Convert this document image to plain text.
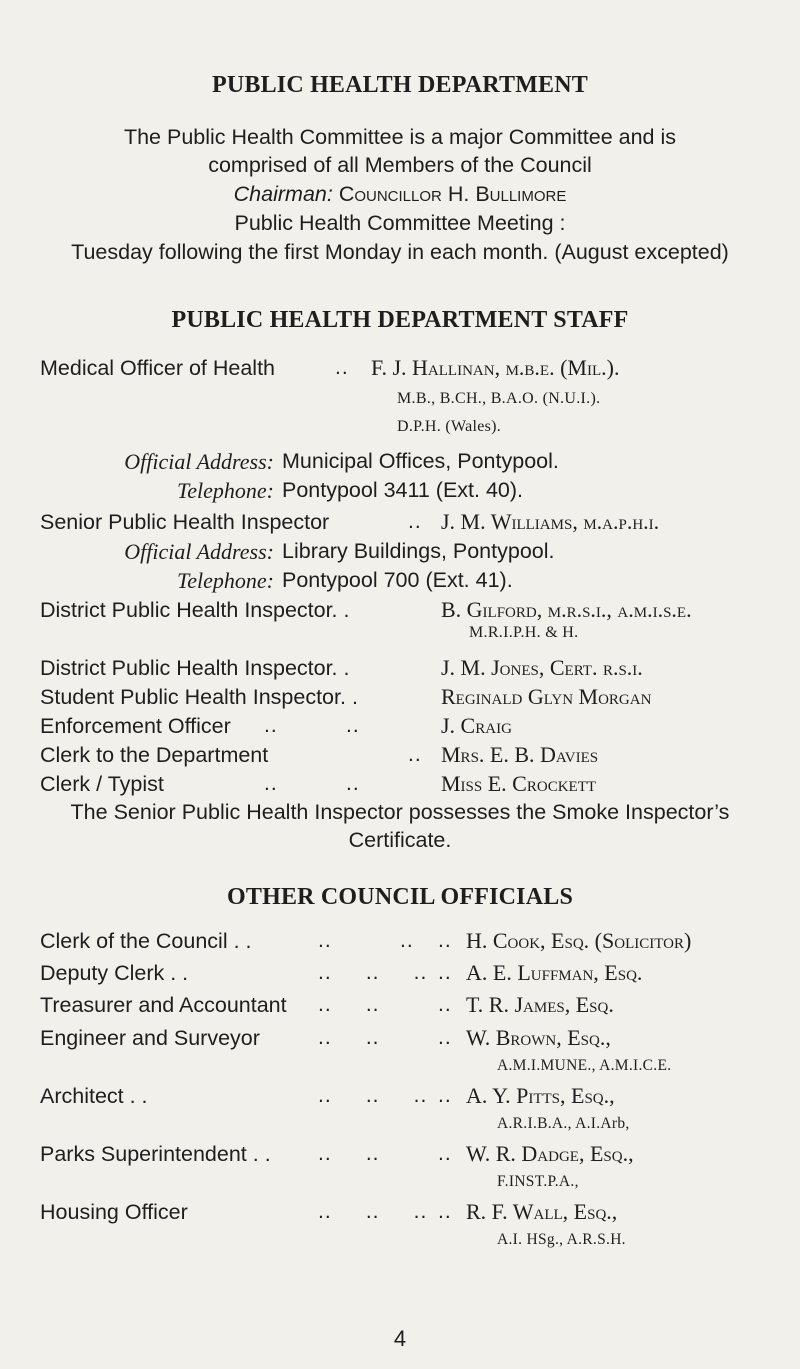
PUBLIC HEALTH DEPARTMENT
The Public Health Committee is a major Committee and is
comprised of all Members of the Council
Chairman: Councillor H. Bullimore
Public Health Committee Meeting :
Tuesday following the first Monday in each month. (August excepted)
PUBLIC HEALTH DEPARTMENT STAFF
Medical Officer of Health	.. F. J. Hallinan, m.b.e. (Mil.).
M.B., B.CH., B.A.O. (N.U.I.).
D.P.H. (Wales).
Official Address: Municipal Offices, Pontypool.
Telephone: Pontypool 3411 (Ext. 40).
Senior Public Health Inspector	.. J. M. Williams, m.a.p.h.i.
Official Address: Library Buildings, Pontypool.
Telephone: Pontypool 700 (Ext. 41).
District Public Health Inspector. .	B. Gilford, m.r.s.i., a.m.i.s.e.
M.R.I.P.H. & H.
District Public Health Inspector. .	J. M. Jones, Cert. r.s.i.
Student Public Health Inspector. .	Reginald Glyn Morgan
Enforcement Officer ..          ..	J. Craig
Clerk to the Department	.. Mrs. E. B. Davies
Clerk / Typist	..          ..	Miss E. Crockett
The Senior Public Health Inspector possesses the Smoke Inspector’s
Certificate.
OTHER COUNCIL OFFICIALS
Clerk of the Council . .	..          .. .. H. Cook, Esq. (Solicitor)
Deputy Clerk . .	..     ..     .. .. A. E. Luffman, Esq.
Treasurer and Accountant ..     ..	.. T. R. James, Esq.
Engineer and Surveyor	..     ..	.. W. Brown, Esq.,
A.M.I.MUNE., A.M.I.C.E.
Architect . .	..     ..     .. .. A. Y. Pitts, Esq.,
A.R.I.B.A., A.I.Arb,
Parks Superintendent . . ..     ..	.. W. R. Dadge, Esq.,
F.INST.P.A.,
Housing Officer	..     ..     .. .. R. F. Wall, Esq.,
A.I. HSg., A.R.S.H.
4
